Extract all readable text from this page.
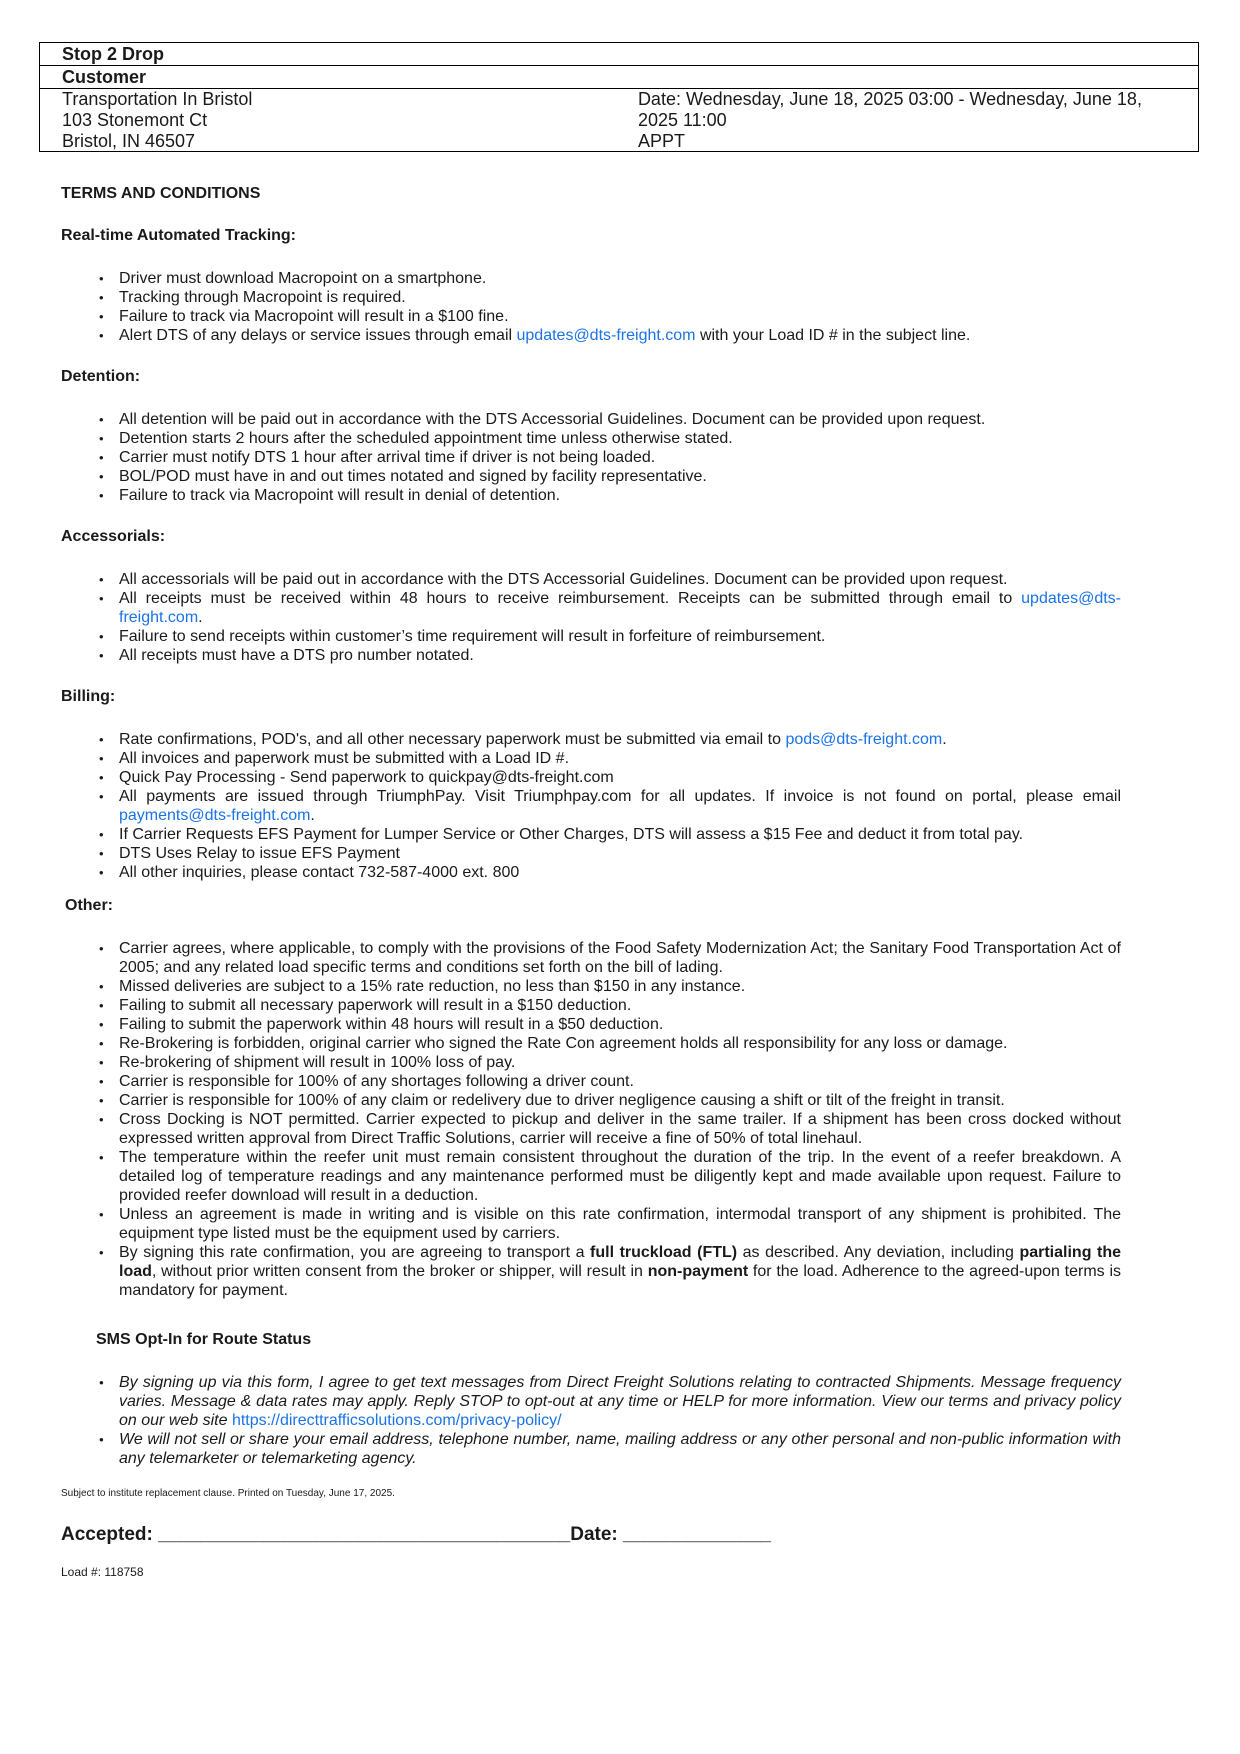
Stop 2 Drop
Customer

Transportation In Bristol

103 Stonemont Ct

Bristol, IN 46507

Date: Wednesday, June 18, 2025 03:00 - Wednesday, June 18,

2025 11:00

APPT

TERMS AND CONDITIONS

Real-time Automated Tracking:

• Driver must download Macropoint on a smartphone.
• Tracking through Macropoint is required.
• Failure to track via Macropoint will result in a $100 fine.
• Alert DTS of any delays or service issues through email updates@dts-freight.com with your Load ID # in the subject line.

Detention:

• All detention will be paid out in accordance with the DTS Accessorial Guidelines. Document can be provided upon request.
• Detention starts 2 hours after the scheduled appointment time unless otherwise stated.
• Carrier must notify DTS 1 hour after arrival time if driver is not being loaded.
• BOL/POD must have in and out times notated and signed by facility representative.
• Failure to track via Macropoint will result in denial of detention.

Accessorials:

• All accessorials will be paid out in accordance with the DTS Accessorial Guidelines. Document can be provided upon request.
• All receipts must be received within 48 hours to receive reimbursement. Receipts can be submitted through email to updates@dts-freight.com.
• Failure to send receipts within customer’s time requirement will result in forfeiture of reimbursement.
• All receipts must have a DTS pro number notated.

Billing:

• Rate confirmations, POD's, and all other necessary paperwork must be submitted via email to pods@dts-freight.com.
• All invoices and paperwork must be submitted with a Load ID #.
• Quick Pay Processing - Send paperwork to quickpay@dts-freight.com
• All payments are issued through TriumphPay. Visit Triumphpay.com for all updates. If invoice is not found on portal, please email payments@dts-freight.com.
• If Carrier Requests EFS Payment for Lumper Service or Other Charges, DTS will assess a $15 Fee and deduct it from total pay.
• DTS Uses Relay to issue EFS Payment
• All other inquiries, please contact 732-587-4000 ext. 800

Other:

• Carrier agrees, where applicable, to comply with the provisions of the Food Safety Modernization Act; the Sanitary Food Transportation Act of 2005; and any related load specific terms and conditions set forth on the bill of lading.
• Missed deliveries are subject to a 15% rate reduction, no less than $150 in any instance.
• Failing to submit all necessary paperwork will result in a $150 deduction.
• Failing to submit the paperwork within 48 hours will result in a $50 deduction.
• Re-Brokering is forbidden, original carrier who signed the Rate Con agreement holds all responsibility for any loss or damage.
• Re-brokering of shipment will result in 100% loss of pay.
• Carrier is responsible for 100% of any shortages following a driver count.
• Carrier is responsible for 100% of any claim or redelivery due to driver negligence causing a shift or tilt of the freight in transit.
• Cross Docking is NOT permitted. Carrier expected to pickup and deliver in the same trailer. If a shipment has been cross docked without expressed written approval from Direct Traffic Solutions, carrier will receive a fine of 50% of total linehaul.
• The temperature within the reefer unit must remain consistent throughout the duration of the trip. In the event of a reefer breakdown. A detailed log of temperature readings and any maintenance performed must be diligently kept and made available upon request. Failure to provided reefer download will result in a deduction.
• Unless an agreement is made in writing and is visible on this rate confirmation, intermodal transport of any shipment is prohibited. The equipment type listed must be the equipment used by carriers.
• By signing this rate confirmation, you are agreeing to transport a full truckload (FTL) as described. Any deviation, including partialing the load, without prior written consent from the broker or shipper, will result in non-payment for the load. Adherence to the agreed-upon terms is mandatory for payment.

SMS Opt-In for Route Status

• By signing up via this form, I agree to get text messages from Direct Freight Solutions relating to contracted Shipments. Message frequency varies. Message & data rates may apply. Reply STOP to opt-out at any time or HELP for more information. View our terms and privacy policy on our web site https://directtrafficsolutions.com/privacy-policy/
• We will not sell or share your email address, telephone number, name, mailing address or any other personal and non-public information with any telemarketer or telemarketing agency.
Subject to institute replacement clause. Printed on Tuesday, June 17, 2025.
Accepted: _______________________________________Date: ______________
Load #: 118758
